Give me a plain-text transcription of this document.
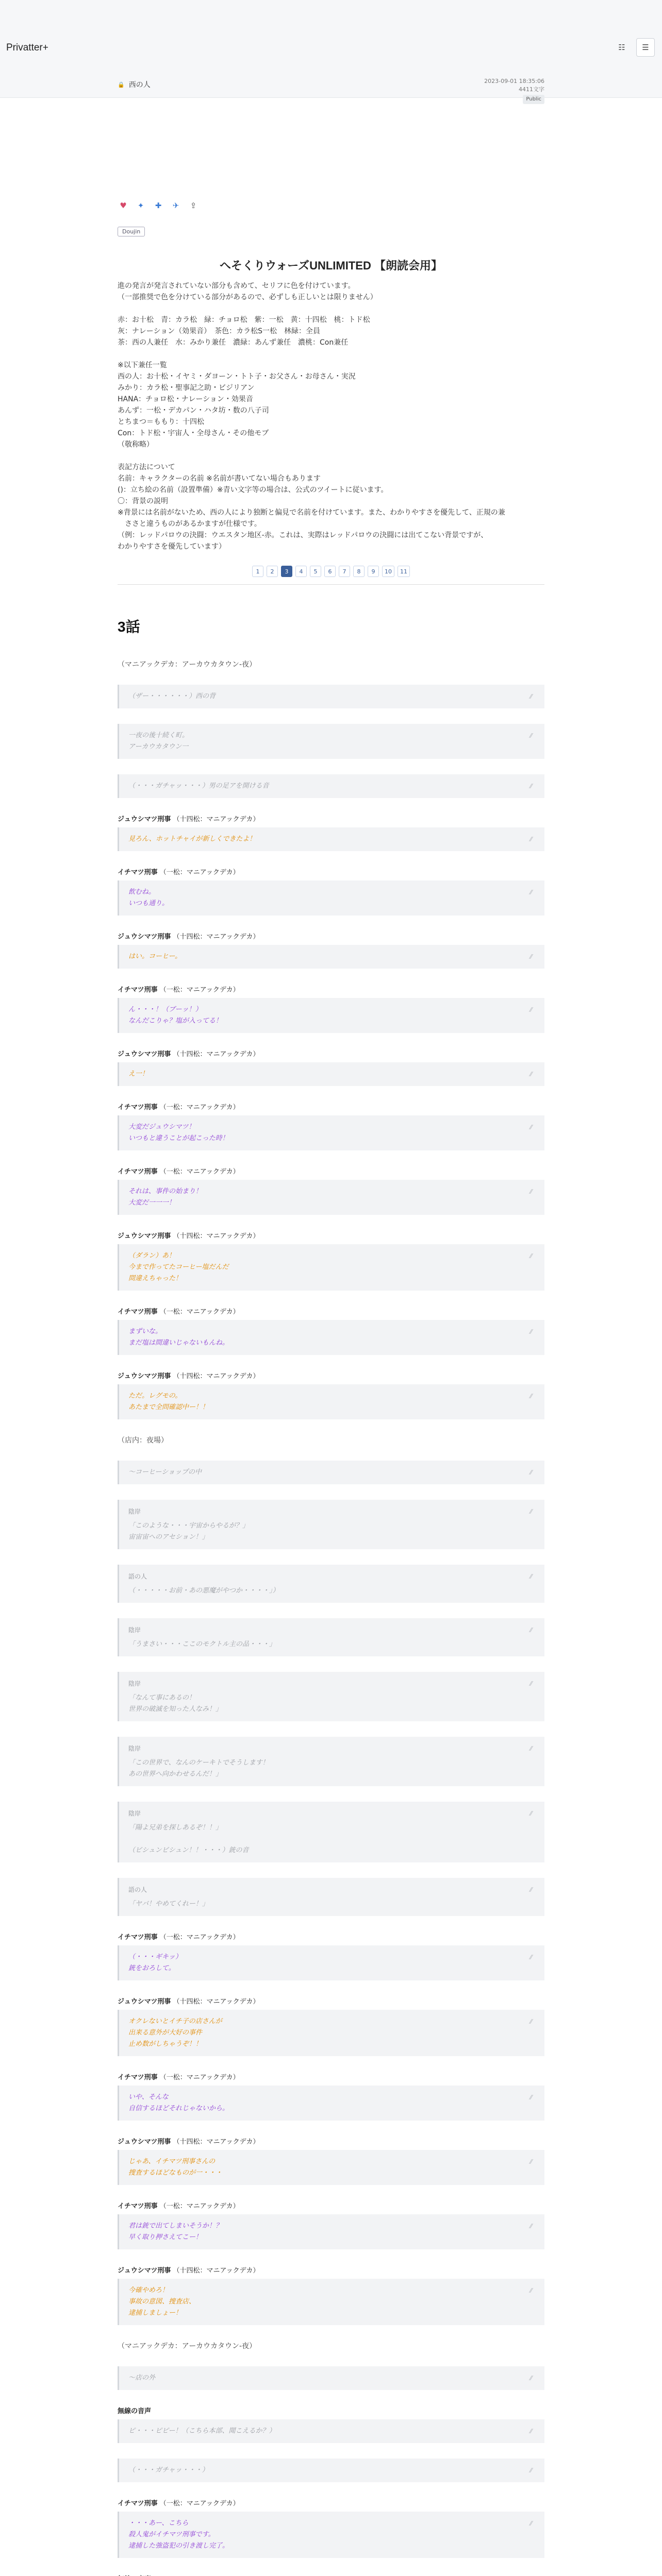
Privatter+	☷	☰
🔒 西の人	2023-09-01 18:35:06
4411文字
Public
♥	✦	✚	✈	⇪
Doujin
へそくりウォーズUNLIMITED 【朗読会用】

進の発言が発言されていない部分も含めて、セリフに色を付けています。

（一部推奨で色を分けている部分があるので、必ずしも正しいとは限りません）

赤：お十松　青：カラ松　緑：チョロ松　紫：一松　黄：十四松　桃：トド松

灰：ナレーション（効果音）　茶色：カラ松S一松　林緑：全員

茶：西の人兼任　水：みかり兼任　濃緑：あんず兼任　濃桃：Con兼任

※以下兼任一覧

西の人：お十松・イヤミ・ダヨーン・トト子・お父さん・お母さん・実況

みかり：カラ松・聖事記之助・ビジリアン

HANA：チョロ松・ナレーション・効果音

あんず：一松・デカパン・ハタ坊・数の八子司

とちまつ＝ももり：十四松

Con：トド松・宇宙人・全母さん・その他モブ

（敬称略）

表記方法について

名前：キャラクターの名前 ※名前が書いてない場合もあります

()：立ち絵の名前（設置準備）※青い文字等の場合は、公式のツイートに従います。

〇：背景の説明

※背景には名前がないため、西の人により独断と偏見で名前を付けています。また、わかりやすさを優先して、正規の兼

　ささと違うものがあるかますが仕様です。

（例：レッドパロウの決闘：ウエスタン地区-赤。これは、実際はレッドパロウの決闘には出てこない背景ですが、

わかりやすさを優先しています）

1	2	3	4	5	6	7	8	9	10	11
3話
（マニアックデカ：アーカウカタウン-夜）
（ザー・・・・・・）西の背	⁄⁄
一夜の後十続く町。
アーカウカタウン一
⁄⁄
（・・・ガチャッ・・・）男の足アを開ける音	⁄⁄
ジュウシマツ刑事 （十四松：マニアックデカ）
見ろん、ホットチャイが新しくできたよ！	⁄⁄
イチマツ刑事 （一松：マニアックデカ）
飲むね。
いつも通り。
⁄⁄
ジュウシマツ刑事 （十四松：マニアックデカ）
はい。コーヒー。	⁄⁄
イチマツ刑事 （一松：マニアックデカ）
ん・・・！（ブーッ！）
なんだこりゃ？塩が入ってる！
⁄⁄
ジュウシマツ刑事 （十四松：マニアックデカ）
え一！	⁄⁄
イチマツ刑事 （一松：マニアックデカ）
大変だジュウシマツ！
いつもと違うことが起こった時！
⁄⁄
イチマツ刑事 （一松：マニアックデカ）
それは、事件の始まり！
大変だ一一一！
⁄⁄
ジュウシマツ刑事 （十四松：マニアックデカ）
（ダラン）あ！
今まで作ってたコーヒー塩だんだ
間違えちゃった！
⁄⁄
イチマツ刑事 （一松：マニアックデカ）
まずいな。
まだ塩は間違いじゃないもんね。
⁄⁄
ジュウシマツ刑事 （十四松：マニアックデカ）
ただ。レグモの。
あたまで全問確認中ー！！
⁄⁄
（店内：夜場）
〜コーヒーショップの中	⁄⁄
陰岸
「このような・・・宇宙からやるが？」
宙宙宙へのアセション！」
⁄⁄
語の人
（・・・・・お前・あの悪魔がやつか・・・・」）
⁄⁄
陰岸
「うまさい・・・ここのモクトル主の品・・・」
⁄⁄
陰岸
「なんて事にあるの！
世界の破滅を知った人なみ！」
⁄⁄
陰岸
「この世界で、なんのケーキトでそうします！
あの世界へ向かわせるんだ！」
⁄⁄
陰岸
「陽よ兄弟を探しあるぞ！！」

（ビシュンビシュン！！・・・）銃の音
⁄⁄
語の人
「ヤバ！やめてくれー！」
⁄⁄
イチマツ刑事 （一松：マニアックデカ）
（・・・ギキッ）
銃をおろして。
⁄⁄
ジュウシマツ刑事 （十四松：マニアックデカ）
オクレないとイチ子の店さんが
出来る意外が大好の事件
止め数がしちゃうぞ！！
⁄⁄
イチマツ刑事 （一松：マニアックデカ）
いや、そんな
自信するほどそれじゃないから。
⁄⁄
ジュウシマツ刑事 （十四松：マニアックデカ）
じゃあ、イチマツ刑事さんの
捜査するほどなものが一・・・
⁄⁄
イチマツ刑事 （一松：マニアックデカ）
君は銃で出てしまいそうか！？
早く取り押さえてこー！
⁄⁄
ジュウシマツ刑事 （十四松：マニアックデカ）
今確やめろ！
事故の意図、捜査店、
逮捕しましょー！
⁄⁄
（マニアックデカ：アーカウカタウン-夜）
〜店の外	⁄⁄
無線の音声
ピ・・・ピピー！（こちら本部、聞こえるか？）	⁄⁄
（・・・ガチャッ・・・）	⁄⁄
イチマツ刑事 （一松：マニアックデカ）
・・・あー、こちら
殺人鬼がイチマツ刑事です。
逮捕した強盗犯の引き渡し完了。
⁄⁄
